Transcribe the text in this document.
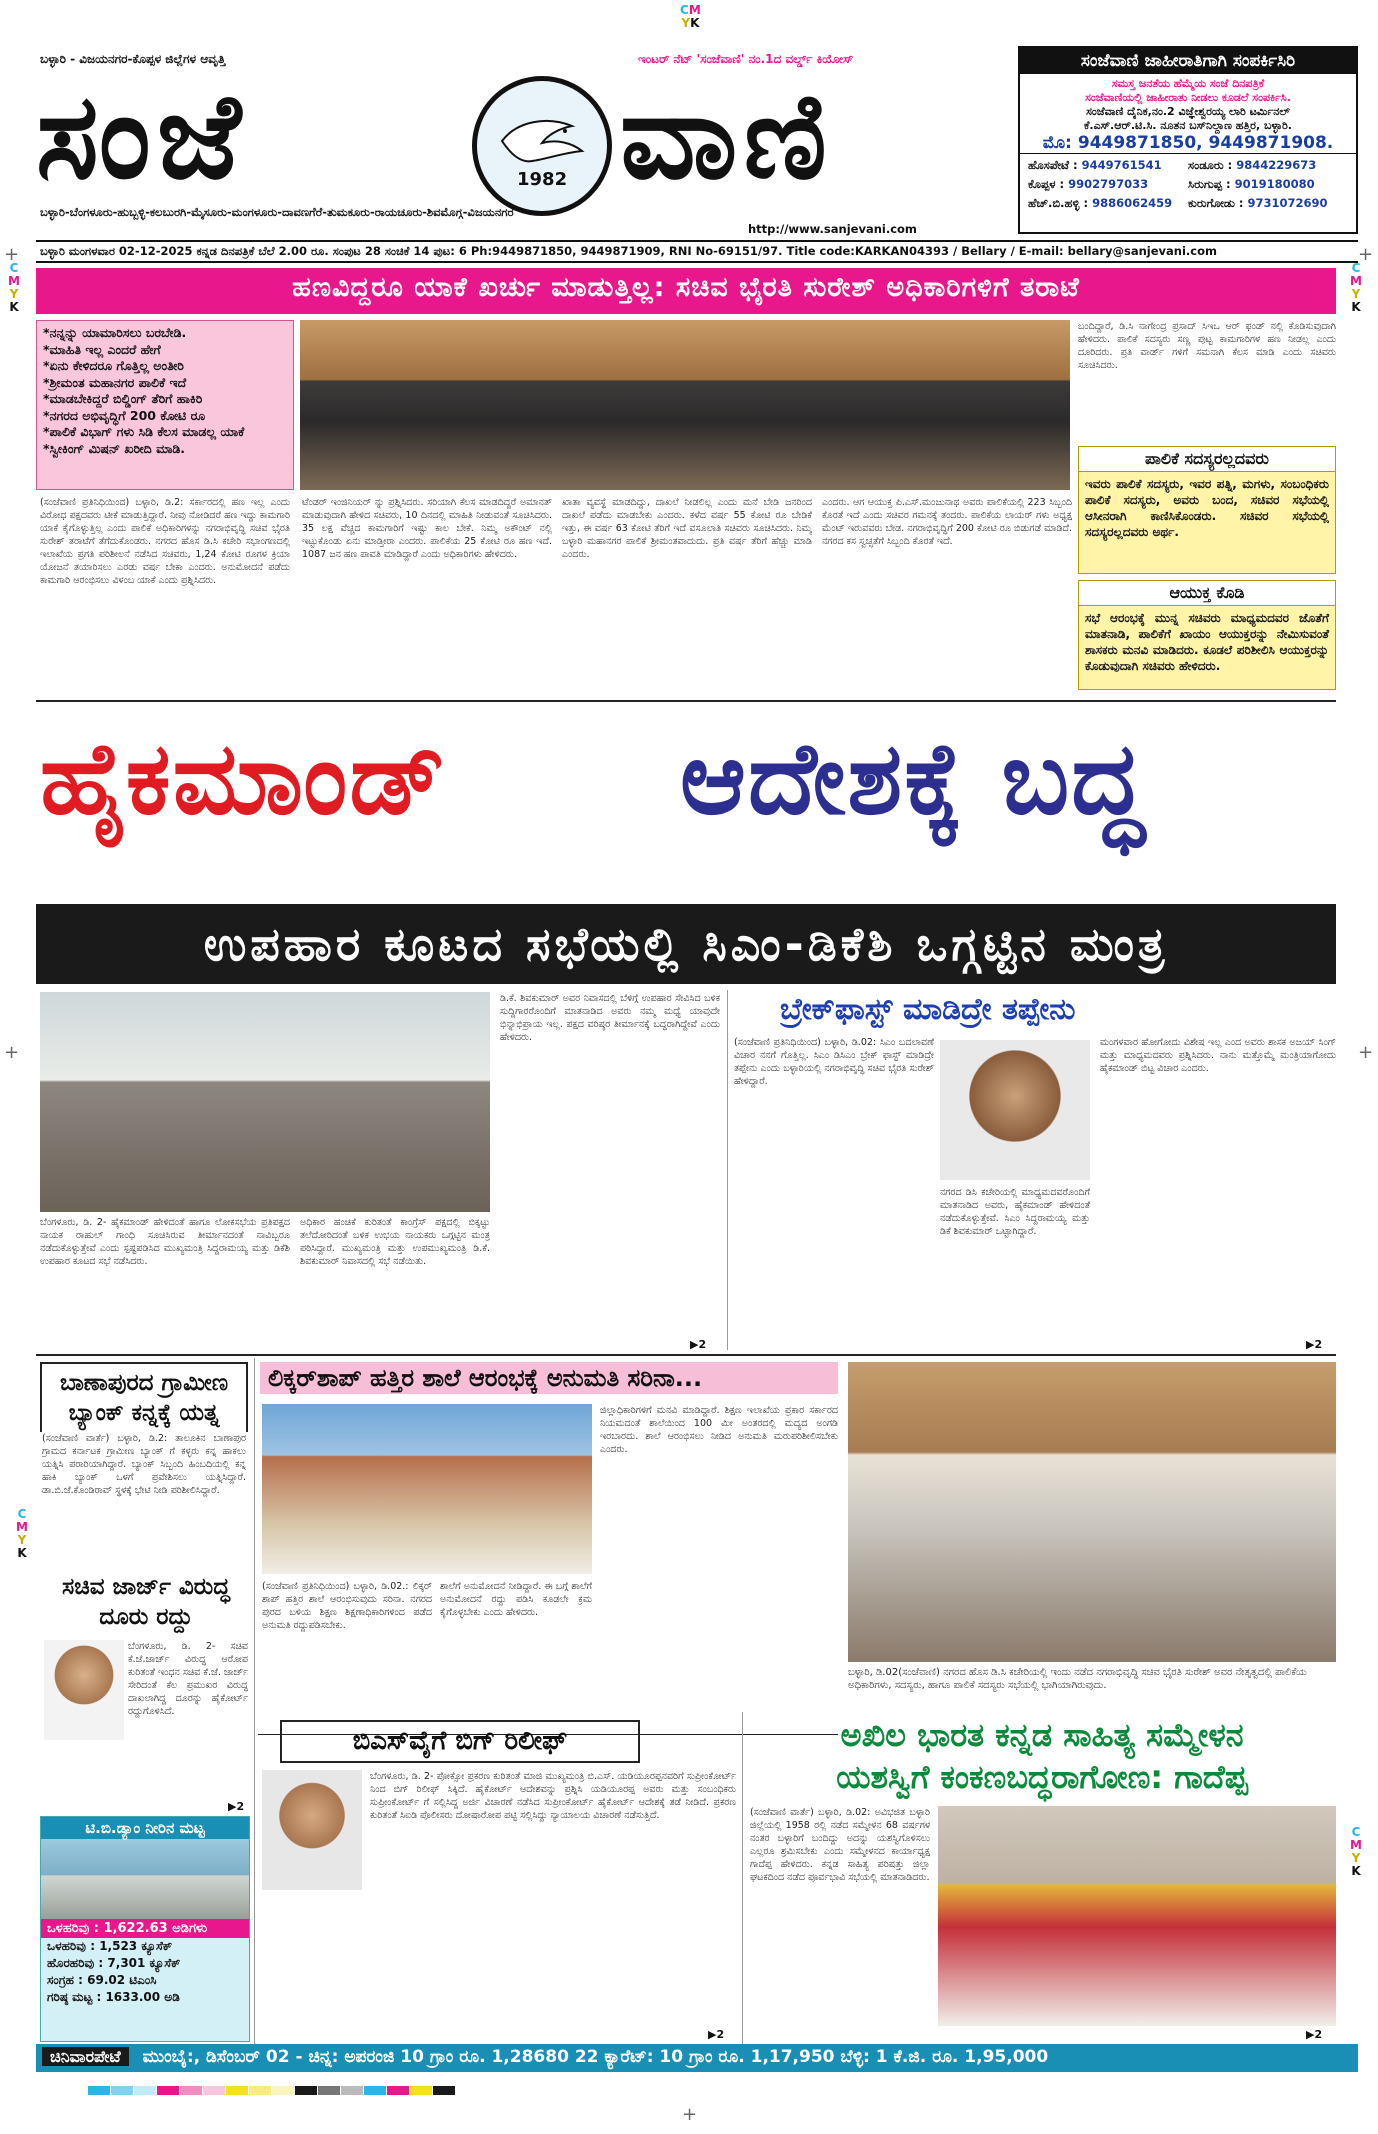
CM
YK
C
M
Y
K
C
M
Y
K
C
M
Y
K
C
M
Y
K
+	+
+	+
ಬಳ್ಳಾರಿ - ವಿಜಯನಗರ-ಕೊಪ್ಪಳ ಜಿಲ್ಲೆಗಳ ಆವೃತ್ತಿ	ಇಂಟರ್ ನೆಟ್ 'ಸಂಜೆವಾಣಿ' ನಂ.1ದ ವರ್ಲ್ಡ್ ಕಿಯೋಸ್
ಸಂಜೆ	1982 ವಾಣಿ
ಬಳ್ಳಾರಿ-ಬೆಂಗಳೂರು-ಹುಬ್ಬಳ್ಳಿ-ಕಲಬುರಗಿ-ಮೈಸೂರು-ಮಂಗಳೂರು-ದಾವಣಗೆರೆ-ತುಮಕೂರು-ರಾಯಚೂರು-ಶಿವಮೊಗ್ಗ-ವಿಜಯನಗರ
http://www.sanjevani.com
ಸಂಜೆವಾಣಿ ಜಾಹೀರಾತಿಗಾಗಿ ಸಂಪರ್ಕಿಸಿರಿ
ಸಮಸ್ತ ಜನತೆಯ ಹೆಮ್ಮೆಯ ಸಂಜೆ ದಿನಪತ್ರಿಕೆ
ಸಂಜೆವಾಣಿಯಲ್ಲಿ ಜಾಹೀರಾತು ನೀಡಲು ಕೂಡಲೆ ಸಂಪರ್ಕಿಸಿ.
ಸಂಜೆವಾಣಿ ದೈನಿಕ,ನಂ.2 ವಿಜ್ಞೇಶ್ವರಯ್ಯ ಲಾರಿ ಟರ್ಮಿನಲ್
ಕೆ.ಎಸ್.ಆರ್.ಟಿ.ಸಿ. ನೂತನ ಬಸ್‌ನಿಲ್ದಾಣ ಹತ್ತಿರ, ಬಳ್ಳಾರಿ.
ಮೊ: 9449871850, 9449871908.
ಹೊಸಪೇಟೆ : 9449761541	ಸಂಡೂರು : 9844229673
ಕೊಪ್ಪಳ : 9902797033	ಸಿರುಗುಪ್ಪ : 9019180080
ಹೆಚ್.ಬಿ.ಹಳ್ಳಿ : 9886062459	ಕುರುಗೋಡು : 9731072690
ಬಳ್ಳಾರಿ ಮಂಗಳವಾರ 02-12-2025 ಕನ್ನಡ ದಿನಪತ್ರಿಕೆ ಬೆಲೆ 2.00 ರೂ. ಸಂಪುಟ 28 ಸಂಚಿಕೆ 14 ಪುಟ: 6 Ph:9449871850, 9449871909, RNI No-69151/97. Title code:KARKAN04393 / Bellary / E-mail: bellary@sanjevani.com
ಹಣವಿದ್ದರೂ ಯಾಕೆ ಖರ್ಚು ಮಾಡುತ್ತಿಲ್ಲ: ಸಚಿವ ಭೈರತಿ ಸುರೇಶ್ ಅಧಿಕಾರಿಗಳಿಗೆ ತರಾಟೆ
*ನನ್ನನ್ನು ಯಾಮಾರಿಸಲು ಬರಬೇಡಿ.
*ಮಾಹಿತಿ ಇಲ್ಲ ಎಂದರೆ ಹೇಗೆ
*ಏನು ಕೇಳಿದರೂ ಗೊತ್ತಿಲ್ಲ ಅಂತೀರಿ
*ಶ್ರೀಮಂತ ಮಹಾನಗರ ಪಾಲಿಕೆ ಇದೆ
*ಮಾಡಬೇಕಿದ್ದರೆ ಬಿಲ್ಡಿಂಗ್ ತೆರಿಗೆ ಹಾಕಿರಿ
*ನಗರದ ಅಭಿವೃದ್ಧಿಗೆ 200 ಕೋಟಿ ರೂ
*ಪಾಲಿಕೆ ವಿಭಾಗ್ ಗಳು ಸಿಡಿ ಕೆಲಸ ಮಾಡಲ್ಲ ಯಾಕೆ
*ಸ್ವೀಕಿಂಗ್ ಮಿಷನ್ ಖರೀದಿ ಮಾಡಿ.
ಬಂದಿದ್ದಾರೆ, ಡಿ.ಸಿ ನಾಗೇಂದ್ರ ಪ್ರಸಾದ್ ಸಿಇಒ ಆರ್ ಫಂಡ್ ನಲ್ಲಿ ಕೊಡಿಸುವುದಾಗಿ ಹೇಳಿದರು. ಪಾಲಿಕೆ ಸದಸ್ಯರು ಸಣ್ಣ ಪುಟ್ಟ ಕಾಮಗಾರಿಗಳ ಹಣ ನೀಡಲ್ಲ ಎಂದು ದೂರಿದರು. ಪ್ರತಿ ವಾರ್ಡ್ ಗಳಿಗೆ ಸಮನಾಗಿ ಕೆಲಸ ಮಾಡಿ ಎಂದು ಸಚಿವರು ಸೂಚಿಸಿದರು.
ಪಾಲಿಕೆ ಸದಸ್ಯರಲ್ಲದವರು
ಇವರು ಪಾಲಿಕೆ ಸದಸ್ಯರು, ಇವರ ಪತ್ನಿ, ಮಗಳು, ಸಂಬಂಧಿಕರು ಪಾಲಿಕೆ ಸದಸ್ಯರು, ಅವರು ಬಂದ, ಸಚಿವರ ಸಭೆಯಲ್ಲಿ ಆಸೀನರಾಗಿ ಕಾಣಿಸಿಕೊಂಡರು. ಸಚಿವರ ಸಭೆಯಲ್ಲಿ ಸದಸ್ಯರಲ್ಲದವರು ಅರ್ಥ.
ಆಯುಕ್ತ ಕೊಡಿ
ಸಭೆ ಆರಂಭಕ್ಕೆ ಮುನ್ನ ಸಚಿವರು ಮಾಧ್ಯಮದವರ ಜೊತೆಗೆ ಮಾತನಾಡಿ, ಪಾಲಿಕೆಗೆ ಖಾಯಂ ಆಯುಕ್ತರನ್ನು ನೇಮಿಸುವಂತೆ ಶಾಸಕರು ಮನವಿ ಮಾಡಿದರು. ಕೂಡಲೆ ಪರಿಶೀಲಿಸಿ ಆಯುಕ್ತರನ್ನು ಕೊಡುವುದಾಗಿ ಸಚಿವರು ಹೇಳಿದರು.
(ಸಂಜೆವಾಣಿ ಪ್ರತಿನಿಧಿಯಿಂದ) ಬಳ್ಳಾರಿ, ಡಿ.2: ಸರ್ಕಾರದಲ್ಲಿ ಹಣ ಇಲ್ಲ ಎಂದು ವಿರೋಧ ಪಕ್ಷದವರು ಟೀಕೆ ಮಾಡುತ್ತಿದ್ದಾರೆ. ನೀವು ನೋಡಿದರೆ ಹಣ ಇದ್ದು ಕಾಮಗಾರಿ ಯಾಕೆ ಕೈಗೊಳ್ಳುತ್ತಿಲ್ಲ ಎಂದು ಪಾಲಿಕೆ ಅಧಿಕಾರಿಗಳನ್ನು ನಗರಾಭಿವೃದ್ಧಿ ಸಚಿವ ಭೈರತಿ ಸುರೇಶ್ ತರಾಟೆಗೆ ತೆಗೆದುಕೊಂಡರು. ನಗರದ ಹೊಸ ಡಿ.ಸಿ ಕಚೇರಿ ಸಭಾಂಗಣದಲ್ಲಿ ಇಲಾಖೆಯ ಪ್ರಗತಿ ಪರಿಶೀಲನೆ ನಡೆಸಿದ ಸಚಿವರು, 1,24 ಕೋಟಿ ರೂಗಳ ಕ್ರಿಯಾ ಯೋಜನೆ ತಯಾರಿಸಲು ಎರಡು ವರ್ಷ ಬೇಕಾ ಎಂದರು. ಅನುಮೋದನೆ ಪಡೆದು ಕಾಮಗಾರಿ ಆರಂಭಿಸಲು ವಿಳಂಬ ಯಾಕೆ ಎಂದು ಪ್ರಶ್ನಿಸಿದರು.
ಟೆಂಡರ್ ಇಂಜಿನಿಯರ್ ನ್ನು ಪ್ರಶ್ನಿಸಿದರು. ಸರಿಯಾಗಿ ಕೆಲಸ ಮಾಡದಿದ್ದರೆ ಅಮಾನತ್ ಮಾಡುವುದಾಗಿ ಹೇಳಿದ ಸಚಿವರು, 10 ದಿನದಲ್ಲಿ ಮಾಹಿತಿ ನೀಡುವಂತೆ ಸೂಚಿಸಿದರು. 35 ಲಕ್ಷ ವೆಚ್ಚದ ಕಾಮಗಾರಿಗೆ ಇಷ್ಟು ಕಾಲ ಬೇಕೆ. ನಿಮ್ಮ ಅಕೌಂಟ್ ನಲ್ಲಿ ಇಟ್ಟುಕೊಂಡು ಏನು ಮಾಡ್ತೀರಾ ಎಂದರು. ಪಾಲಿಕೆಯ 25 ಕೋಟಿ ರೂ ಹಣ ಇದೆ. 1087 ಜನ ಹಣ ಪಾವತಿ ಮಾಡಿದ್ದಾರೆ ಎಂದು ಅಧಿಕಾರಿಗಳು ಹೇಳಿದರು.
ಖಾತಾ ವ್ಯವಸ್ಥೆ ಮಾಡದಿದ್ದು, ದಾಖಲೆ ನೀಡಲಿಲ್ಲ ಎಂದು ಮನೆ ಬೇಡಿ ಜನರಿಂದ ದಾಖಲೆ ಪಡೆದು ಮಾಡಬೇಕು ಎಂದರು. ಕಳೆದ ವರ್ಷ 55 ಕೋಟಿ ರೂ ಬೇಡಿಕೆ ಇತ್ತು, ಈ ವರ್ಷ 63 ಕೋಟಿ ತೆರಿಗೆ ಇದೆ ವಸೂಲಾತಿ ಸಚಿವರು ಸೂಚಿಸಿದರು. ನಿಮ್ಮ ಬಳ್ಳಾರಿ ಮಹಾನಗರ ಪಾಲಿಕೆ ಶ್ರೀಮಂತವಾದುದು. ಪ್ರತಿ ವರ್ಷ ತೆರಿಗೆ ಹೆಚ್ಚು ಮಾಡಿ ಎಂದರು.
ಎಂದರು. ಆಗ ಆಯುಕ್ತ ಪಿ.ಎಸ್.ಮಂಜುನಾಥ ಅವರು ಪಾಲಿಕೆಯಲ್ಲಿ 223 ಸಿಬ್ಬಂದಿ ಕೊರತೆ ಇದೆ ಎಂದು ಸಚಿವರ ಗಮನಕ್ಕೆ ತಂದರು. ಪಾಲಿಕೆಯ ಲಾಯರ್ ಗಳು ಅಧ್ಯಕ್ಷ ಮೆಂಟ್ ಇರುವವರು ಬೇಡ. ನಗರಾಭಿವೃದ್ಧಿಗೆ 200 ಕೋಟಿ ರೂ ಬಿಡುಗಡೆ ಮಾಡಿದೆ. ನಗರದ ಕಸ ಸ್ವಚ್ಛತೆಗೆ ಸಿಬ್ಬಂದಿ ಕೊರತೆ ಇದೆ.
ಹೈಕಮಾಂಡ್ ಆದೇಶಕ್ಕೆ ಬದ್ಧ
ಉಪಹಾರ ಕೂಟದ ಸಭೆಯಲ್ಲಿ ಸಿಎಂ-ಡಿಕೆಶಿ ಒಗ್ಗಟ್ಟಿನ ಮಂತ್ರ
ಬೆಂಗಳೂರು, ಡಿ. 2- ಹೈಕಮಾಂಡ್ ಹೇಳಿದಂತೆ ಹಾಗೂ ಲೋಕಸಭೆಯ ಪ್ರತಿಪಕ್ಷದ ನಾಯಕ ರಾಹುಲ್ ಗಾಂಧಿ ಸೂಚಿಸಿರುವ ತೀರ್ಮಾನದಂತೆ ನಾವಿಬ್ಬರೂ ನಡೆದುಕೊಳ್ಳುತ್ತೇವೆ ಎಂದು ಸ್ಪಷ್ಟಪಡಿಸಿದ ಮುಖ್ಯಮಂತ್ರಿ ಸಿದ್ದರಾಮಯ್ಯ ಮತ್ತು ಡಿಕೆಶಿ ಉಪಹಾರ ಕೂಟದ ಸಭೆ ನಡೆಸಿದರು.
ಅಧಿಕಾರ ಹಂಚಿಕೆ ಕುರಿತಂತೆ ಕಾಂಗ್ರೆಸ್ ಪಕ್ಷದಲ್ಲಿ ಬಿಕ್ಕಟ್ಟು ತಲೆದೋರಿದಂತೆ ಬಳಿಕ ಉಭಯ ನಾಯಕರು ಒಗ್ಗಟ್ಟಿನ ಮಂತ್ರ ಪಠಿಸಿದ್ದಾರೆ. ಮುಖ್ಯಮಂತ್ರಿ ಮತ್ತು ಉಪಮುಖ್ಯಮಂತ್ರಿ ಡಿ.ಕೆ. ಶಿವಕುಮಾರ್ ನಿವಾಸದಲ್ಲಿ ಸಭೆ ನಡೆಯಿತು.
ಡಿ.ಕೆ. ಶಿವಕುಮಾರ್ ಅವರ ನಿವಾಸದಲ್ಲಿ ಬೆಳಿಗ್ಗೆ ಉಪಹಾರ ಸೇವಿಸಿದ ಬಳಿಕ ಸುದ್ದಿಗಾರರೊಂದಿಗೆ ಮಾತನಾಡಿದ ಅವರು ನಮ್ಮ ಮಧ್ಯೆ ಯಾವುದೇ ಭಿನ್ನಾಭಿಪ್ರಾಯ ಇಲ್ಲ. ಪಕ್ಷದ ವರಿಷ್ಠರ ತೀರ್ಮಾನಕ್ಕೆ ಬದ್ಧರಾಗಿದ್ದೇವೆ ಎಂದು ಹೇಳಿದರು.
▶2
ಬ್ರೇಕ್‌ಫಾಸ್ಟ್ ಮಾಡಿದ್ರೇ ತಪ್ಪೇನು
(ಸಂಜೆವಾಣಿ ಪ್ರತಿನಿಧಿಯಿಂದ) ಬಳ್ಳಾರಿ, ಡಿ.02: ಸಿಎಂ ಬದಲಾವಣೆ ವಿಚಾರ ನನಗೆ ಗೊತ್ತಿಲ್ಲ. ಸಿಎಂ ಡಿಸಿಎಂ ಬ್ರೇಕ್ ಫಾಸ್ಟ್ ಮಾಡಿದ್ರೇ ತಪ್ಪೇನು ಎಂದು ಬಳ್ಳಾರಿಯಲ್ಲಿ ನಗರಾಭಿವೃದ್ಧಿ ಸಚಿವ ಭೈರತಿ ಸುರೇಶ್ ಹೇಳಿದ್ದಾರೆ.
ನಗರದ ಡಿಸಿ ಕಚೇರಿಯಲ್ಲಿ ಮಾಧ್ಯಮದವರೊಂದಿಗೆ ಮಾತನಾಡಿದ ಅವರು, ಹೈಕಮಾಂಡ್ ಹೇಳಿದಂತೆ ನಡೆದುಕೊಳ್ಳುತ್ತೇವೆ. ಸಿಎಂ ಸಿದ್ದರಾಮಯ್ಯ ಮತ್ತು ಡಿಕೆ ಶಿವಕುಮಾರ್ ಒಟ್ಟಾಗಿದ್ದಾರೆ.
ಮಂಗಳವಾರ ಹೋಗೋದು ವಿಶೇಷ ಇಲ್ಲ ಎಂದ ಅವರು ಶಾಸಕ ಅಜಯ್ ಸಿಂಗ್ ಮತ್ತು ಮಾಧ್ಯಮದವರು ಪ್ರಶ್ನಿಸಿದರು. ನಾನು ಮತ್ತೊಮ್ಮೆ ಮಂತ್ರಿಯಾಗೋದು ಹೈಕಮಾಂಡ್ ಬಿಟ್ಟ ವಿಚಾರ ಎಂದರು.
▶2
ಬಾಣಾಪುರದ ಗ್ರಾಮೀಣ ಬ್ಯಾಂಕ್ ಕನ್ನಕ್ಕೆ ಯತ್ನ
(ಸಂಜೆವಾಣಿ ವಾರ್ತೆ) ಬಳ್ಳಾರಿ, ಡಿ.2: ತಾಲೂಕಿನ ಬಾಣಾಪುರ ಗ್ರಾಮದ ಕರ್ನಾಟಕ ಗ್ರಾಮೀಣ ಬ್ಯಾಂಕ್ ಗೆ ಕಳ್ಳರು ಕನ್ನ ಹಾಕಲು ಯತ್ನಿಸಿ ಪರಾರಿಯಾಗಿದ್ದಾರೆ. ಬ್ಯಾಂಕ್ ಸಿಬ್ಬಂದಿ ಹಿಂಬದಿಯಲ್ಲಿ ಕನ್ನ ಹಾಕಿ ಬ್ಯಾಂಕ್ ಒಳಗೆ ಪ್ರವೇಶಿಸಲು ಯತ್ನಿಸಿದ್ದಾರೆ. ಡಾ.ಬಿ.ಜೆ.ಕೊಂಡಿರಾವ್ ಸ್ಥಳಕ್ಕೆ ಭೇಟಿ ನೀಡಿ ಪರಿಶೀಲಿಸಿದ್ದಾರೆ.
ಸಚಿವ ಜಾರ್ಜ್ ವಿರುದ್ಧ ದೂರು ರದ್ದು
ಬೆಂಗಳೂರು, ಡಿ. 2- ಸಚಿವ ಕೆ.ಜೆ.ಜಾರ್ಜ್ ವಿರುದ್ಧ ಆರೋಪ ಕುರಿತಂತೆ ಇಂಧನ ಸಚಿವ ಕೆ.ಜೆ. ಜಾರ್ಜ್ ಸೇರಿದಂತೆ ಕೆಲ ಪ್ರಮುಖರ ವಿರುದ್ಧ ದಾಖಲಾಗಿದ್ದ ದೂರನ್ನು ಹೈಕೋರ್ಟ್ ರದ್ದುಗೊಳಿಸಿದೆ.
▶2
ಟಿ.ಬಿ.ಡ್ಯಾಂ ನೀರಿನ ಮಟ್ಟ
ಒಳಹರಿವು : 1,622.63 ಅಡಿಗಳು
ಒಳಹರಿವು : 1,523 ಕ್ಯೂಸೆಕ್
ಹೊರಹರಿವು : 7,301 ಕ್ಯೂಸೆಕ್
ಸಂಗ್ರಹ : 69.02 ಟಿಎಂಸಿ
ಗರಿಷ್ಠ ಮಟ್ಟ : 1633.00 ಅಡಿ
ಲಿಕ್ಕರ್‌ಶಾಪ್ ಹತ್ತಿರ ಶಾಲೆ ಆರಂಭಕ್ಕೆ ಅನುಮತಿ ಸರಿನಾ...
(ಸಂಜೆವಾಣಿ ಪ್ರತಿನಿಧಿಯಿಂದ) ಬಳ್ಳಾರಿ, ಡಿ.02.: ಲಿಕ್ಕರ್ ಶಾಪ್ ಹತ್ತಿರ ಶಾಲೆ ಆರಂಭಿಸುವುದು ಸರಿನಾ. ನಗರದ ಪುರದ ಬಳಿಯ ಶಿಕ್ಷಣ ಶಿಕ್ಷಣಾಧಿಕಾರಿಗಳಿಂದ ಪಡೆದ ಅನುಮತಿ ರದ್ದುಪಡಿಸಬೇಕು.
ಶಾಲೆಗೆ ಅನುಮೋದನೆ ನೀಡಿದ್ದಾರೆ. ಈ ಬಗ್ಗೆ ಶಾಲೆಗೆ ಅನುಮೋದನೆ ರದ್ದು ಪಡಿಸಿ ಕೂಡಲೇ ಕ್ರಮ ಕೈಗೊಳ್ಳಬೇಕು ಎಂದು ಹೇಳಿದರು.
ಜಿಲ್ಲಾಧಿಕಾರಿಗಳಿಗೆ ಮನವಿ ಮಾಡಿದ್ದಾರೆ. ಶಿಕ್ಷಣ ಇಲಾಖೆಯ ಪ್ರಕಾರ ಸರ್ಕಾರದ ನಿಯಮದಂತೆ ಶಾಲೆಯಿಂದ 100 ಮೀ ಅಂತರದಲ್ಲಿ ಮದ್ಯದ ಅಂಗಡಿ ಇರಬಾರದು. ಶಾಲೆ ಆರಂಭಿಸಲು ನೀಡಿದ ಅನುಮತಿ ಮರುಪರಿಶೀಲಿಸಬೇಕು ಎಂದರು.
ಬಳ್ಳಾರಿ, ಡಿ.02(ಸಂಜೆವಾಣಿ) ನಗರದ ಹೊಸ ಡಿ.ಸಿ ಕಚೇರಿಯಲ್ಲಿ ಇಂದು ನಡೆದ ನಗರಾಭಿವೃದ್ಧಿ ಸಚಿವ ಭೈರತಿ ಸುರೇಶ್ ಅವರ ನೇತೃತ್ವದಲ್ಲಿ ಪಾಲಿಕೆಯ ಅಧಿಕಾರಿಗಳು, ಸದಸ್ಯರು, ಹಾಗೂ ಪಾಲಿಕೆ ಸದಸ್ಯರು ಸಭೆಯಲ್ಲಿ ಭಾಗಿಯಾಗಿರುವುದು.
ಬಿಎಸ್‌ವೈಗೆ ಬಿಗ್ ರಿಲೀಫ್
ಬೆಂಗಳೂರು, ಡಿ. 2- ಪೋಕ್ಸೋ ಪ್ರಕರಣ ಕುರಿತಂತೆ ಮಾಜಿ ಮುಖ್ಯಮಂತ್ರಿ ಬಿ.ಎಸ್. ಯಡಿಯೂರಪ್ಪನವರಿಗೆ ಸುಪ್ರೀಂಕೋರ್ಟ್ ನಿಂದ ಬಿಗ್ ರಿಲೀಫ್ ಸಿಕ್ಕಿದೆ. ಹೈಕೋರ್ಟ್ ಆದೇಶವನ್ನು ಪ್ರಶ್ನಿಸಿ ಯಡಿಯೂರಪ್ಪ ಅವರು ಮತ್ತು ಸಂಬಂಧಿಕರು ಸುಪ್ರೀಂಕೋರ್ಟ್ ಗೆ ಸಲ್ಲಿಸಿದ್ದ ಅರ್ಜಿ ವಿಚಾರಣೆ ನಡೆಸಿದ ಸುಪ್ರೀಂಕೋರ್ಟ್ ಹೈಕೋರ್ಟ್ ಆದೇಶಕ್ಕೆ ತಡೆ ನೀಡಿದೆ. ಪ್ರಕರಣ ಕುರಿತಂತೆ ಸಿಐಡಿ ಪೊಲೀಸರು ದೋಷಾರೋಪ ಪಟ್ಟಿ ಸಲ್ಲಿಸಿದ್ದು ನ್ಯಾಯಾಲಯ ವಿಚಾರಣೆ ನಡೆಸುತ್ತಿದೆ.
▶2
ಅಖಿಲ ಭಾರತ ಕನ್ನಡ ಸಾಹಿತ್ಯ ಸಮ್ಮೇಳನ
ಯಶಸ್ವಿಗೆ ಕಂಕಣಬದ್ಧರಾಗೋಣ: ಗಾದೆಪ್ಪ
(ಸಂಜೆವಾಣಿ ವಾರ್ತೆ) ಬಳ್ಳಾರಿ, ಡಿ.02: ಅವಿಭಜಿತ ಬಳ್ಳಾರಿ ಜಿಲ್ಲೆಯಲ್ಲಿ 1958 ರಲ್ಲಿ ನಡೆದ ಸಮ್ಮೇಳನ 68 ವರ್ಷಗಳ ನಂತರ ಬಳ್ಳಾರಿಗೆ ಬಂದಿದ್ದು ಅದನ್ನು ಯಶಸ್ವಿಗೊಳಿಸಲು ಎಲ್ಲರೂ ಶ್ರಮಿಸಬೇಕು ಎಂದು ಸಮ್ಮೇಳನದ ಕಾರ್ಯಾಧ್ಯಕ್ಷ ಗಾದೆಪ್ಪ ಹೇಳಿದರು. ಕನ್ನಡ ಸಾಹಿತ್ಯ ಪರಿಷತ್ತು ಜಿಲ್ಲಾ ಘಟಕದಿಂದ ನಡೆದ ಪೂರ್ವಭಾವಿ ಸಭೆಯಲ್ಲಿ ಮಾತನಾಡಿದರು.
▶2
ಚಿನಿವಾರಪೇಟೆ ಮುಂಬೈ:, ಡಿಸೆಂಬರ್ 02 - ಚಿನ್ನ: ಅಪರಂಜಿ 10 ಗ್ರಾಂ ರೂ. 1,28680 22 ಕ್ಯಾರೆಟ್: 10 ಗ್ರಾಂ ರೂ. 1,17,950 ಬೆಳ್ಳಿ: 1 ಕೆ.ಜಿ. ರೂ. 1,95,000
+
